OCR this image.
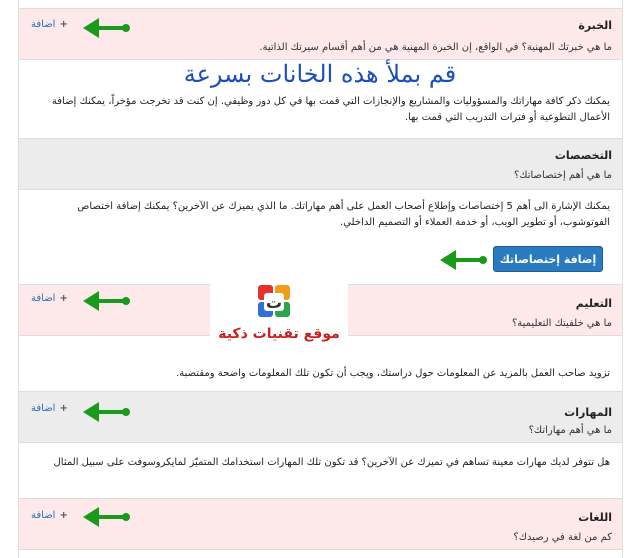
الخبرة
ما هي خبرتك المهنية؟ في الواقع، إن الخبرة المهنية هي من أهم أقسام سيرتك الذاتية.
+اضافة
قم بملأ هذه الخانات بسرعة
يمكنك ذكر كافة مهاراتك والمسؤوليات والمشاريع والإنجازات التي قمت بها في كل دور وظيفي. إن كنت قد تخرجت مؤخراً، يمكنك إضافة الأعمال التطوعية أو فترات التدريب التي قمت بها.
التخصصات
ما هي أهم إختصاصاتك؟
يمكنك الإشارة الى أهم 5 إختصاصات وإطلاع أصحاب العمل على أهم مهاراتك. ما الذي يميزك عن الآخرين؟ يمكنك إضافة اختصاص الفوتوشوب، أو تطوير الويب، أو خدمة العملاء أو التصميم الداخلي.
إضافة إختصاصاتك
التعليم
ما هي خلفيتك التعليمية؟
+اضافة	ت
موقع تقنيات ذكية
تزويد صاحب العمل بالمزيد عن المعلومات حول دراستك، ويجب أن تكون تلك المعلومات واضحة ومقتضبة.
المهارات
ما هي أهم مهاراتك؟
+اضافة
هل تتوفر لديك مهارات معينة تساهم في تميزك عن الآخرين؟ قد تكون تلك المهارات استخدامك المتميّز لمايكروسوفت على سبيل المثال
اللغات
كم من لغة في رصيدك؟
+اضافة
